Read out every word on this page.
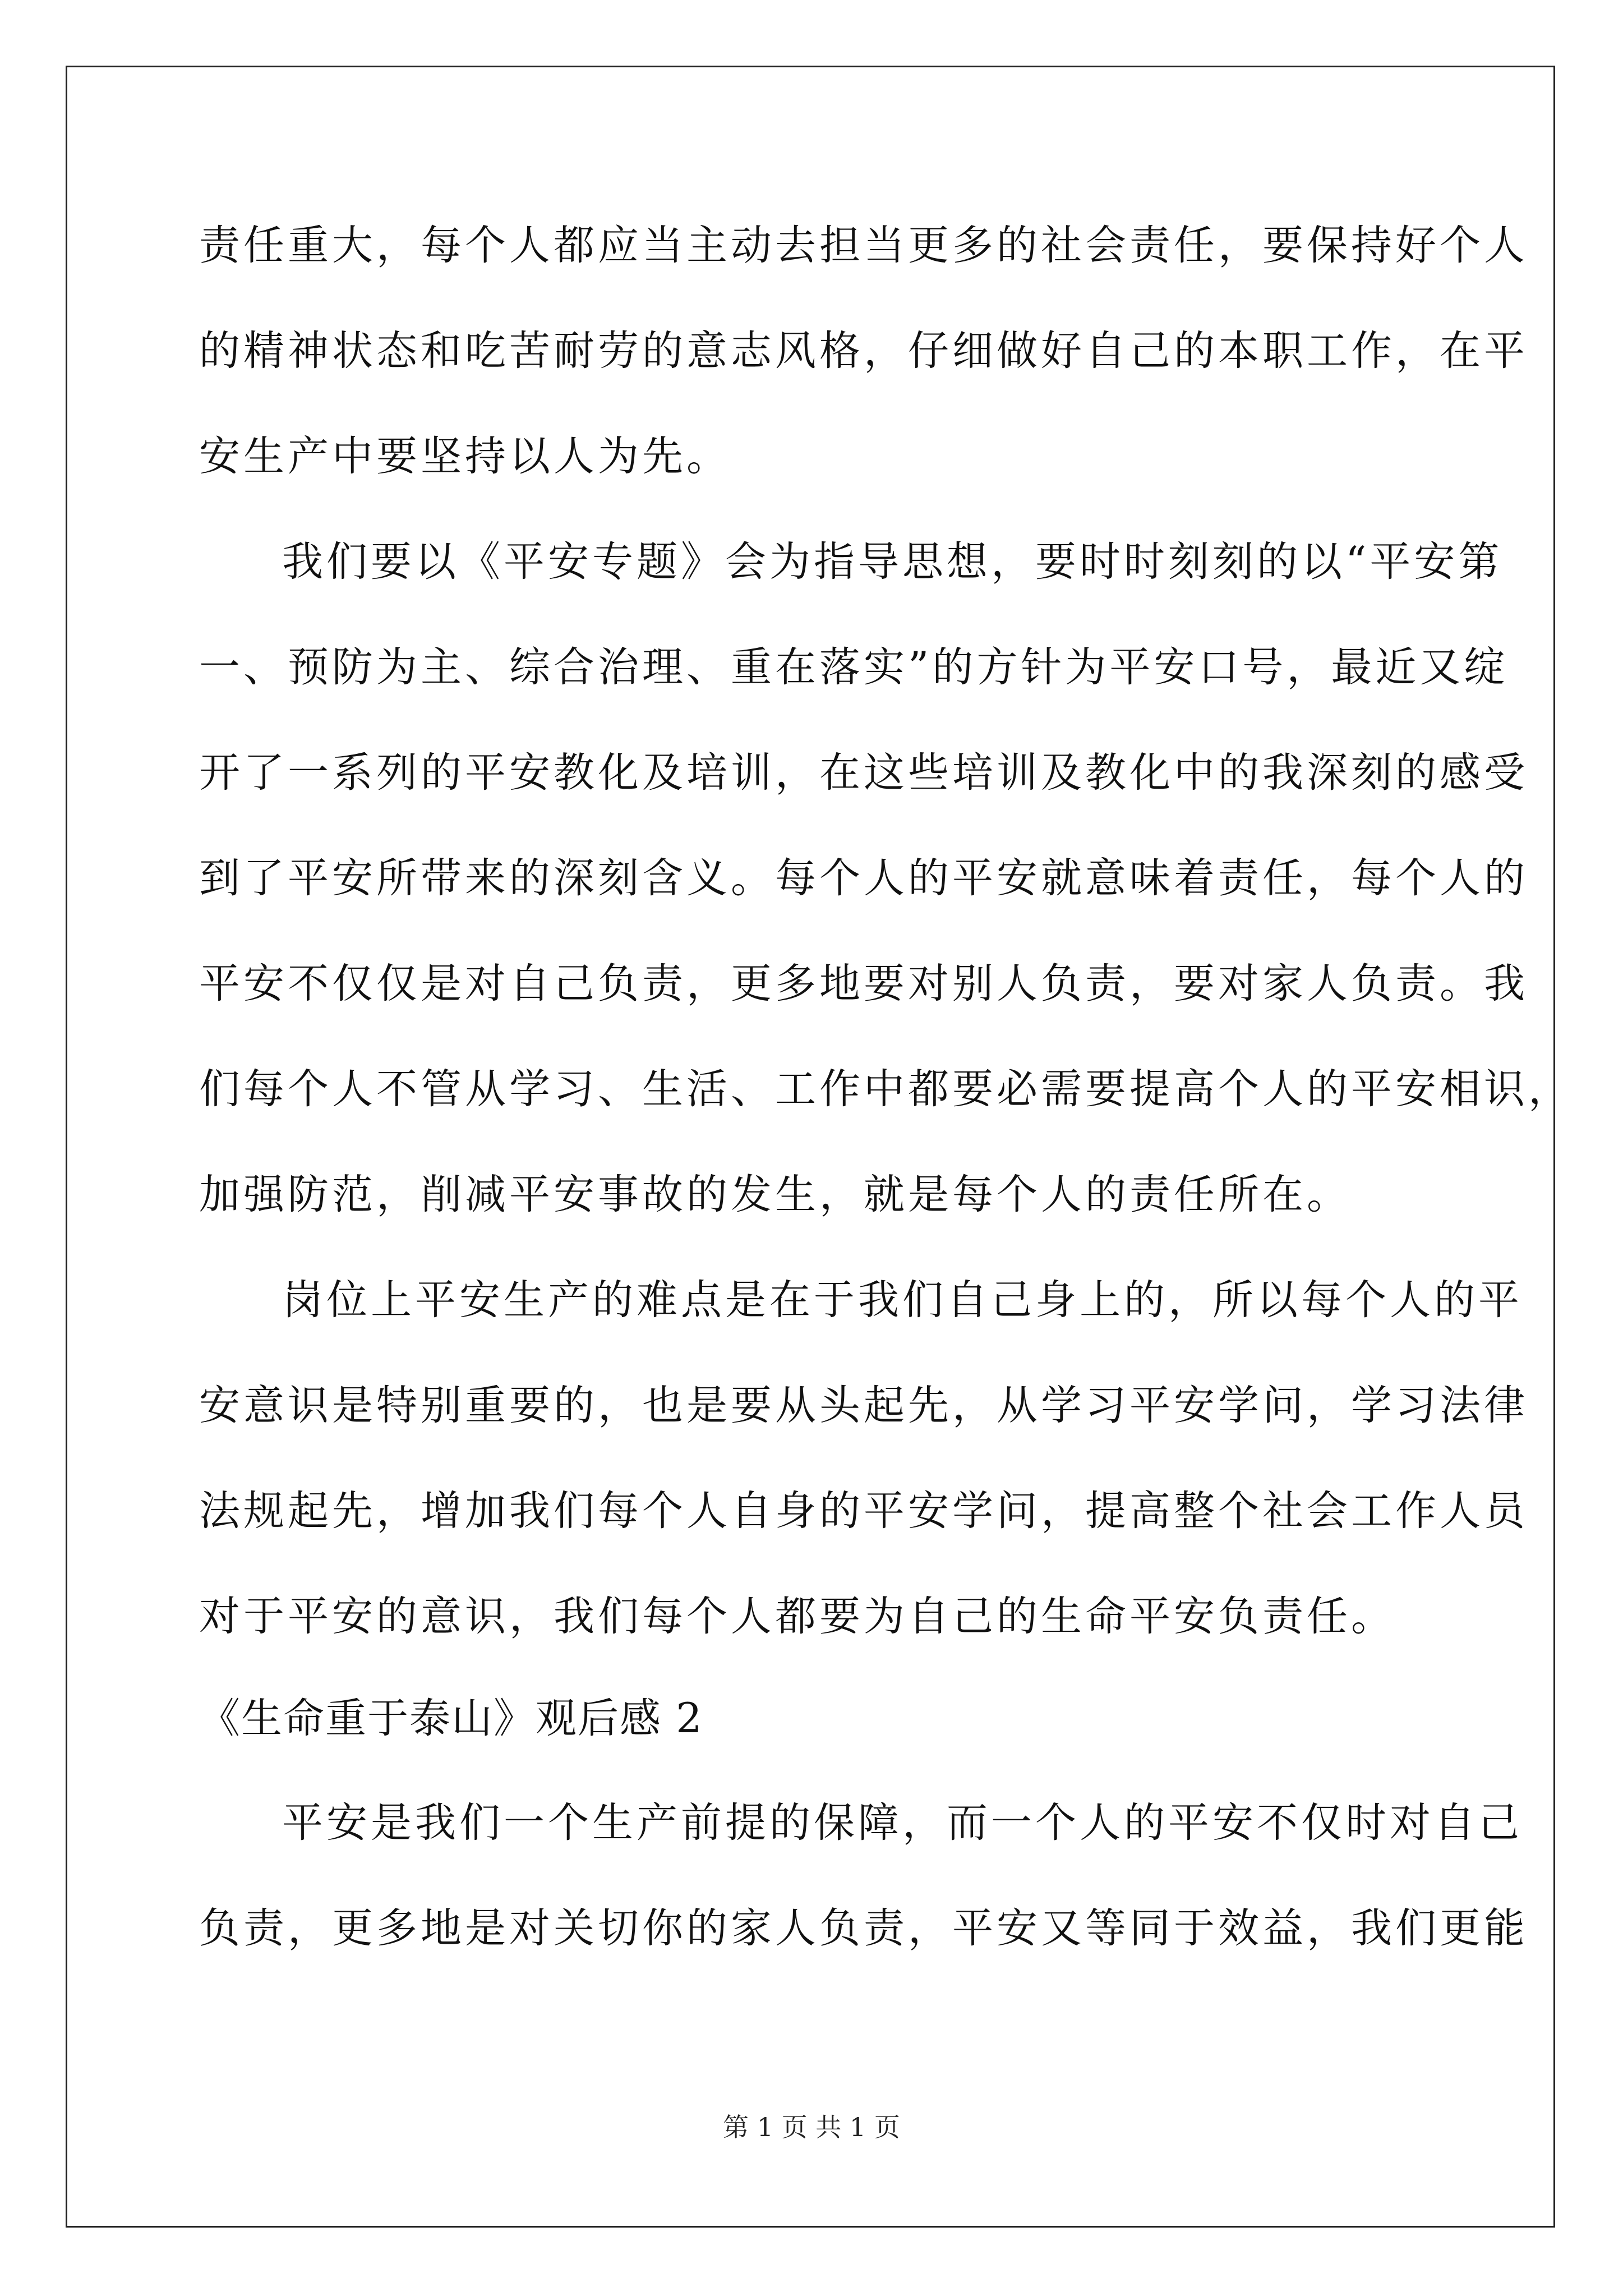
责任重大，每个人都应当主动去担当更多的社会责任，要保持好个人
的精神状态和吃苦耐劳的意志风格，仔细做好自己的本职工作，在平
安生产中要坚持以人为先。
我们要以《平安专题》会为指导思想，要时时刻刻的以“平安第
一、预防为主、综合治理、重在落实”的方针为平安口号，最近又绽
开了一系列的平安教化及培训，在这些培训及教化中的我深刻的感受
到了平安所带来的深刻含义。每个人的平安就意味着责任，每个人的
平安不仅仅是对自己负责，更多地要对别人负责，要对家人负责。我
们每个人不管从学习、生活、工作中都要必需要提高个人的平安相识，
加强防范，削减平安事故的发生，就是每个人的责任所在。
岗位上平安生产的难点是在于我们自己身上的，所以每个人的平
安意识是特别重要的，也是要从头起先，从学习平安学问，学习法律
法规起先，增加我们每个人自身的平安学问，提高整个社会工作人员
对于平安的意识，我们每个人都要为自己的生命平安负责任。
《生命重于泰山》观后感 2
平安是我们一个生产前提的保障，而一个人的平安不仅时对自己
负责，更多地是对关切你的家人负责，平安又等同于效益，我们更能
第 1 页 共 1 页
